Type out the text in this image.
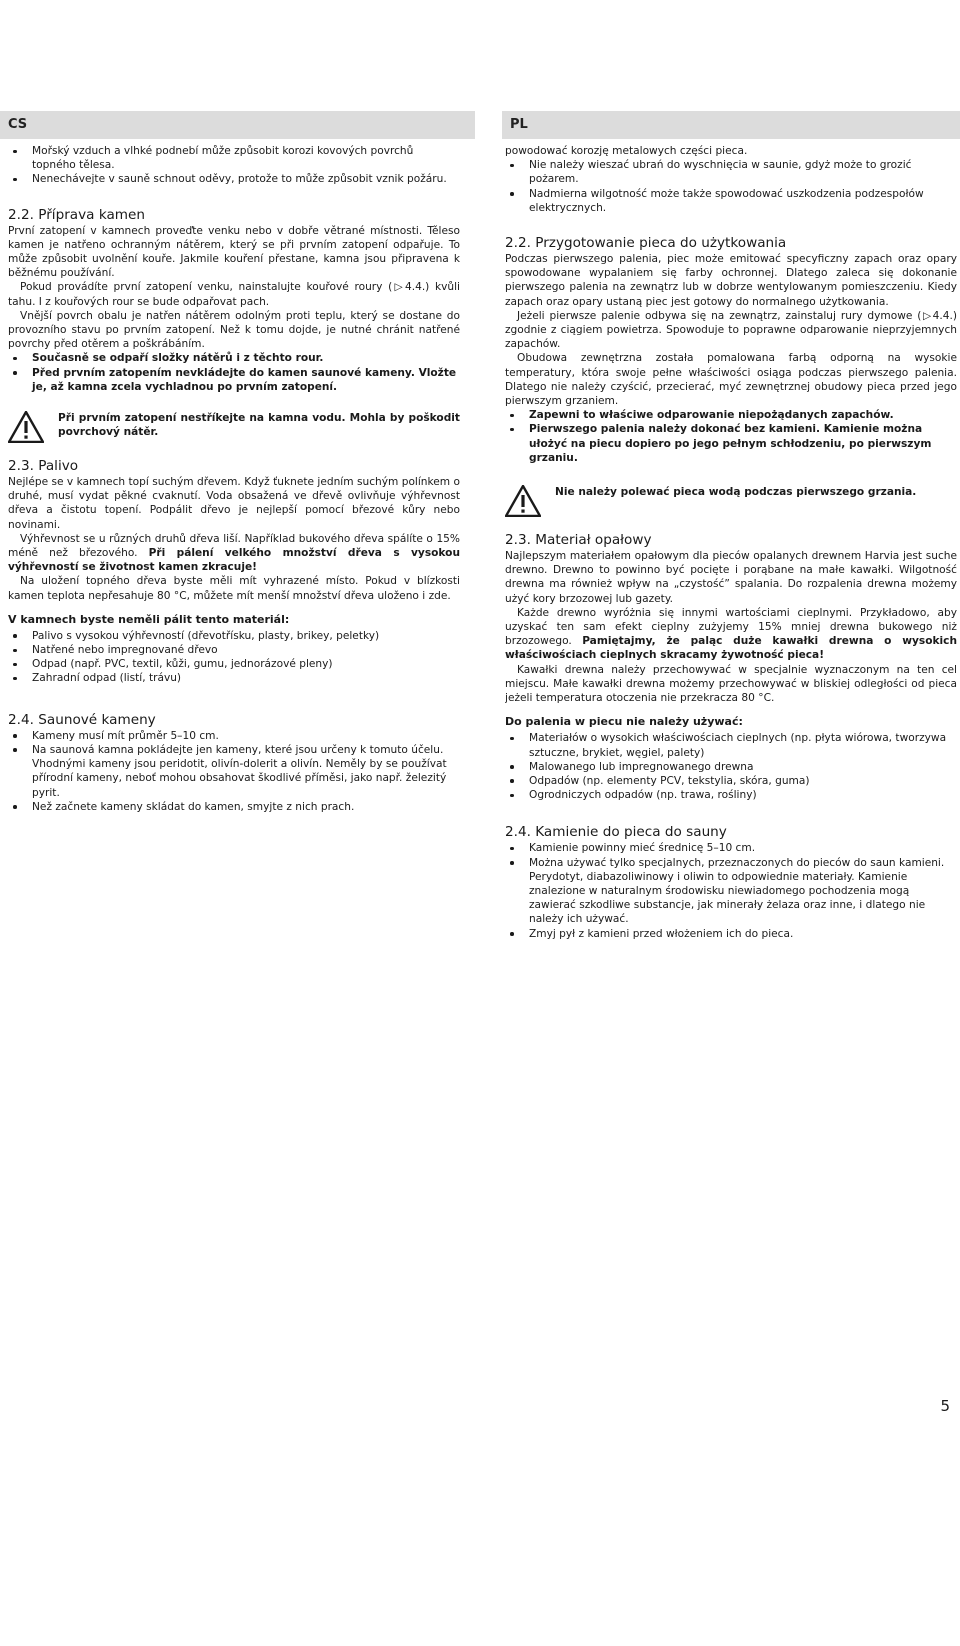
CS	PL
Mořský vzduch a vlhké podnebí může způsobit korozi kovových povrchů topného tělesa.
Nenechávejte v sauně schnout oděvy, protože to může způsobit vznik požáru.
2.2. Příprava kamen

První zatopení v kamnech proveďte venku nebo v dobře větrané místnosti. Těleso kamen je natřeno ochranným nátěrem, který se při prvním zatopení odpařuje. To může způsobit uvolnění kouře. Jakmile kouření přestane, kamna jsou připravena k běžnému používání.

Pokud provádíte první zatopení venku, nainstalujte kouřové roury (▷4.4.) kvůli tahu. I z kouřových rour se bude odpařovat pach.

Vnější povrch obalu je natřen nátěrem odolným proti teplu, který se dostane do provozního stavu po prvním zatopení. Než k tomu dojde, je nutné chránit natřené povrchy před otěrem a poškrábáním.

Současně se odpaří složky nátěrů i z těchto rour.
Před prvním zatopením nevkládejte do kamen saunové kameny. Vložte je, až kamna zcela vychladnou po prvním zatopení.

Při prvním zatopení nestříkejte na kamna vodu. Mohla by poškodit povrchový nátěr.

2.3. Palivo

Nejlépe se v kamnech topí suchým dřevem. Když ťuknete jedním suchým polínkem o druhé, musí vydat pěkné cvaknutí. Voda obsažená ve dřevě ovlivňuje výhřevnost dřeva a čistotu topení. Podpálit dřevo je nejlepší pomocí březové kůry nebo novinami.

Výhřevnost se u různých druhů dřeva liší. Například bukového dřeva spálíte o 15% méně než březového. Při pálení velkého množství dřeva s vysokou výhřevností se životnost kamen zkracuje!

Na uložení topného dřeva byste měli mít vyhrazené místo. Pokud v blízkosti kamen teplota nepřesahuje 80 °C, můžete mít menší množství dřeva uloženo i zde.

V kamnech byste neměli pálit tento materiál:
Palivo s vysokou výhřevností (dřevotřísku, plasty, brikey, peletky)
Natřené nebo impregnované dřevo
Odpad (např. PVC, textil, kůži, gumu, jednorázové pleny)
Zahradní odpad (listí, trávu)
2.4. Saunové kameny
Kameny musí mít průměr 5–10 cm.
Na saunová kamna pokládejte jen kameny, které jsou určeny k tomuto účelu. Vhodnými kameny jsou peridotit, olivín-dolerit a olivín. Neměly by se používat přírodní kameny, neboť mohou obsahovat škodlivé příměsi, jako např. železitý pyrit.
Než začnete kameny skládat do kamen, smyjte z nich prach.

powodować korozję metalowych części pieca.

Nie należy wieszać ubrań do wyschnięcia w saunie, gdyż może to grozić pożarem.
Nadmierna wilgotność może także spowodować uszkodzenia podzespołów elektrycznych.
2.2. Przygotowanie pieca do użytkowania

Podczas pierwszego palenia, piec może emitować specyficzny zapach oraz opary spowodowane wypalaniem się farby ochronnej. Dlatego zaleca się dokonanie pierwszego palenia na zewnątrz lub w dobrze wentylowanym pomieszczeniu. Kiedy zapach oraz opary ustaną piec jest gotowy do normalnego użytkowania.

Jeżeli pierwsze palenie odbywa się na zewnątrz, zainstaluj rury dymowe (▷4.4.) zgodnie z ciągiem powietrza. Spowoduje to poprawne odparowanie nieprzyjemnych zapachów.

Obudowa zewnętrzna została pomalowana farbą odporną na wysokie temperatury, która swoje pełne właściwości osiąga podczas pierwszego palenia. Dlatego nie należy czyścić, przecierać, myć zewnętrznej obudowy pieca przed jego pierwszym grzaniem.

Zapewni to właściwe odparowanie niepożądanych zapachów.
Pierwszego palenia należy dokonać bez kamieni. Kamienie można ułożyć na piecu dopiero po jego pełnym schłodzeniu, po pierwszym grzaniu.

Nie należy polewać pieca wodą podczas pierwszego grzania.

2.3. Materiał opałowy

Najlepszym materiałem opałowym dla pieców opalanych drewnem Harvia jest suche drewno. Drewno to powinno być pocięte i porąbane na małe kawałki. Wilgotność drewna ma również wpływ na „czystość” spalania. Do rozpalenia drewna możemy użyć kory brzozowej lub gazety.

Każde drewno wyróżnia się innymi wartościami cieplnymi. Przykładowo, aby uzyskać ten sam efekt cieplny zużyjemy 15% mniej drewna bukowego niż brzozowego. Pamiętajmy, że paląc duże kawałki drewna o wysokich właściwościach cieplnych skracamy żywotność pieca!

Kawałki drewna należy przechowywać w specjalnie wyznaczonym na ten cel miejscu. Małe kawałki drewna możemy przechowywać w bliskiej odległości od pieca jeżeli temperatura otoczenia nie przekracza 80 °C.

Do palenia w piecu nie należy używać:
Materiałów o wysokich właściwościach cieplnych (np. płyta wiórowa, tworzywa sztuczne, brykiet, węgiel, palety)
Malowanego lub impregnowanego drewna
Odpadów (np. elementy PCV, tekstylia, skóra, guma)
Ogrodniczych odpadów (np. trawa, rośliny)
2.4. Kamienie do pieca do sauny
Kamienie powinny mieć średnicę 5–10 cm.
Można używać tylko specjalnych, przeznaczonych do pieców do saun kamieni. Perydotyt, diabazoliwinowy i oliwin to odpowiednie materiały. Kamienie znalezione w naturalnym środowisku niewiadomego pochodzenia mogą zawierać szkodliwe substancje, jak minerały żelaza oraz inne, i dlatego nie należy ich używać.
Zmyj pył z kamieni przed włożeniem ich do pieca.
5
